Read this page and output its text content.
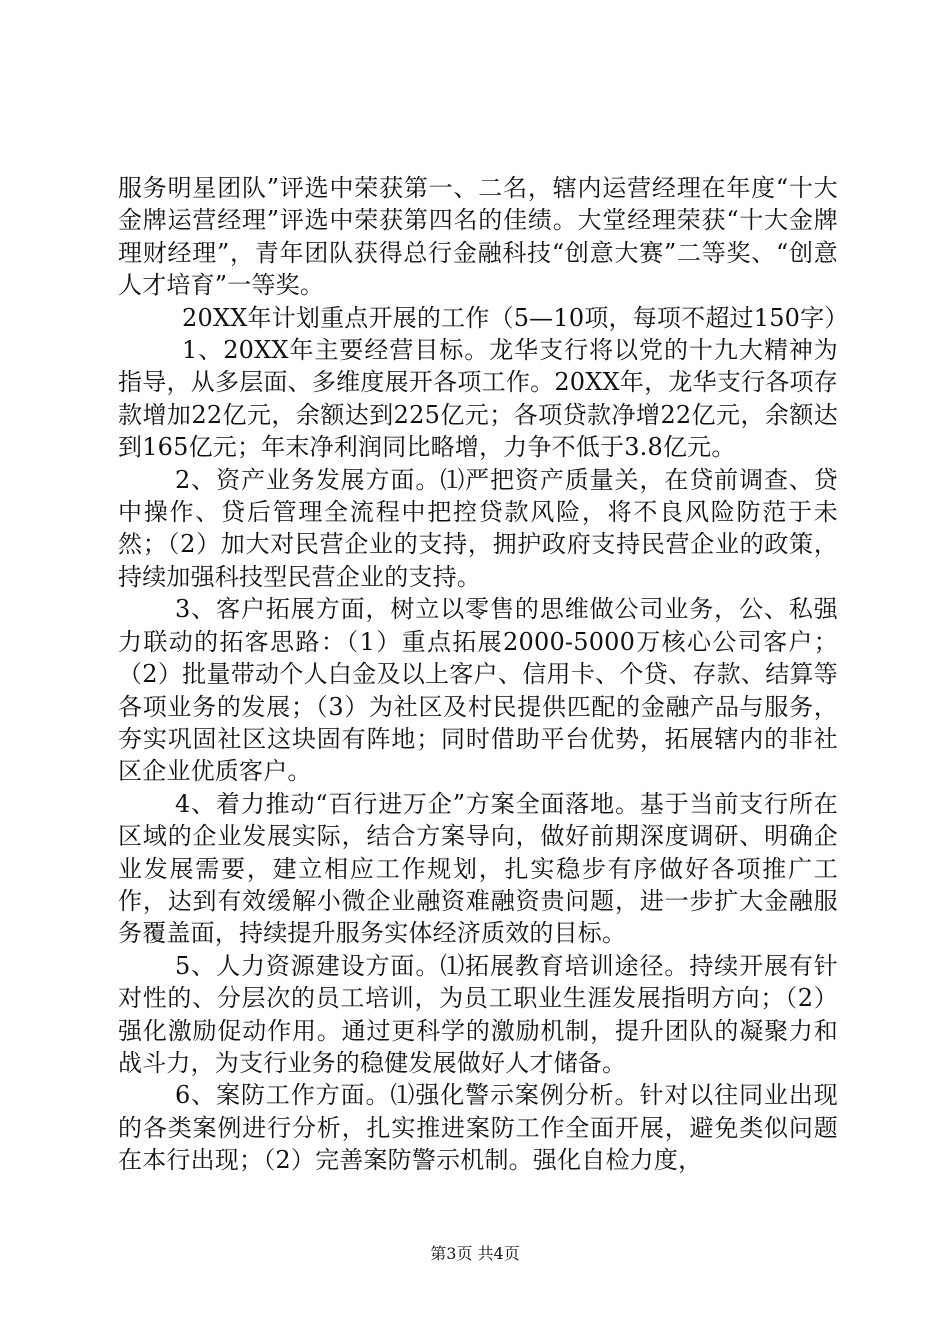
服务明星团队”评选中荣获第一、二名，辖内运营经理在年度“十大金牌运营经理”评选中荣获第四名的佳绩。大堂经理荣获“十大金牌理财经理”，青年团队获得总行金融科技“创意大赛”二等奖、“创意人才培育”一等奖。

20XX年计划重点开展的工作（5—10项，每项不超过150字）

1、20XX年主要经营目标。龙华支行将以党的十九大精神为指导，从多层面、多维度展开各项工作。20XX年，龙华支行各项存款增加22亿元，余额达到225亿元；各项贷款净增22亿元，余额达到165亿元；年末净利润同比略增，力争不低于3.8亿元。

2、资产业务发展方面。⑴严把资产质量关，在贷前调查、贷中操作、贷后管理全流程中把控贷款风险，将不良风险防范于未然；（2）加大对民营企业的支持，拥护政府支持民营企业的政策，持续加强科技型民营企业的支持。

3、客户拓展方面，树立以零售的思维做公司业务，公、私强力联动的拓客思路：（1）重点拓展2000-5000万核心公司客户；（2）批量带动个人白金及以上客户、信用卡、个贷、存款、结算等各项业务的发展；（3）为社区及村民提供匹配的金融产品与服务，夯实巩固社区这块固有阵地；同时借助平台优势，拓展辖内的非社区企业优质客户。

4、着力推动“百行进万企”方案全面落地。基于当前支行所在区域的企业发展实际，结合方案导向，做好前期深度调研、明确企业发展需要，建立相应工作规划，扎实稳步有序做好各项推广工作，达到有效缓解小微企业融资难融资贵问题，进一步扩大金融服务覆盖面，持续提升服务实体经济质效的目标。

5、人力资源建设方面。⑴拓展教育培训途径。持续开展有针对性的、分层次的员工培训，为员工职业生涯发展指明方向；（2）强化激励促动作用。通过更科学的激励机制，提升团队的凝聚力和战斗力，为支行业务的稳健发展做好人才储备。

6、案防工作方面。⑴强化警示案例分析。针对以往同业出现的各类案例进行分析，扎实推进案防工作全面开展，避免类似问题在本行出现；（2）完善案防警示机制。强化自检力度，

第3页 共4页
